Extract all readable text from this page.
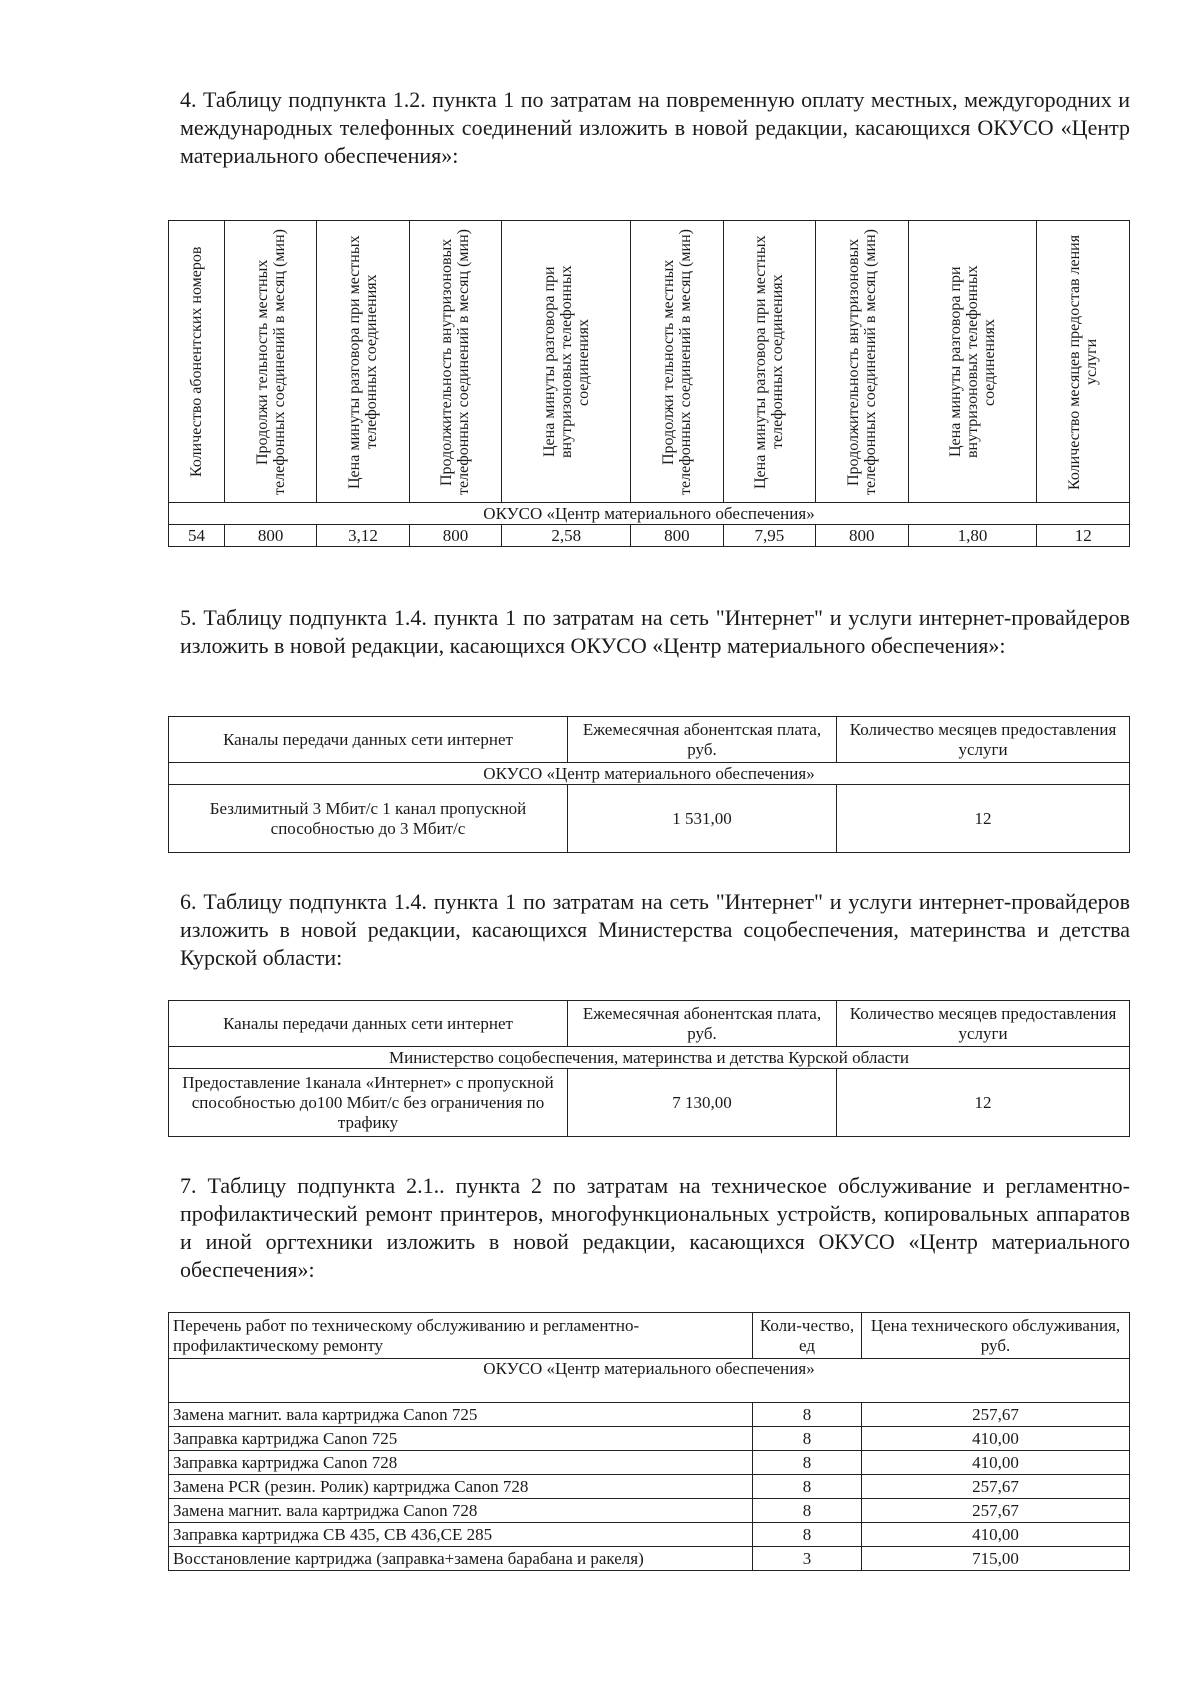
4. Таблицу подпункта 1.2. пункта 1 по затратам на повременную оплату местных, междугородних и международных телефонных соединений изложить в новой редакции, касающихся ОКУСО «Центр материального обеспечения»:

Количество абонентских номеров	Продолжи тельность местных телефонных соединений в месяц (мин)	Цена минуты разговора при местных телефонных соединениях	Продолжительность внутризоновых телефонных соединений в месяц (мин)	Цена минуты разговора при внутризоновых телефонных соединениях	Продолжи тельность местных телефонных соединений в месяц (мин)	Цена минуты разговора при местных телефонных соединениях	Продолжительность внутризоновых телефонных соединений в месяц (мин)	Цена минуты разговора при внутризоновых телефонных соединениях	Количество месяцев предостав ления услуги

ОКУСО «Центр материального обеспечения»									
54	800	3,12	800	2,58	800	7,95	800	1,80	12

5. Таблицу подпункта 1.4. пункта 1 по затратам на сеть "Интернет" и услуги интернет-провайдеров изложить в новой редакции, касающихся ОКУСО «Центр материального обеспечения»:

Каналы передачи данных сети интернет	Ежемесячная абонентская плата, руб.	Количество месяцев предоставления услуги
ОКУСО «Центр материального обеспечения»		
Безлимитный 3 Мбит/с 1 канал пропускной способностью до 3 Мбит/с	1 531,00	12

6. Таблицу подпункта 1.4. пункта 1 по затратам на сеть "Интернет" и услуги интернет-провайдеров изложить в новой редакции, касающихся Министерства соцобеспечения, материнства и детства Курской области:

Каналы передачи данных сети интернет	Ежемесячная абонентская плата, руб.	Количество месяцев предоставления услуги
Министерство соцобеспечения, материнства и детства Курской области		
Предоставление 1канала «Интернет» с пропускной способностью до100 Мбит/с без ограничения по трафику	7 130,00	12

7. Таблицу подпункта 2.1.. пункта 2 по затратам на техническое обслуживание и регламентно-профилактический ремонт принтеров, многофункциональных устройств, копировальных аппаратов и иной оргтехники изложить в новой редакции, касающихся ОКУСО «Центр материального обеспечения»:

Перечень работ по техническому обслуживанию и регламентно-профилактическому ремонту	Коли-чество, ед	Цена технического обслуживания, руб.
ОКУСО «Центр материального обеспечения»		
Замена магнит. вала картриджа Canon 725	8	257,67
Заправка картриджа Canon 725	8	410,00
Заправка картриджа Canon 728	8	410,00
Замена PCR (резин. Ролик) картриджа Canon 728	8	257,67
Замена магнит. вала картриджа Canon 728	8	257,67
Заправка картриджа CB 435, CB 436,CE 285	8	410,00
Восстановление картриджа (заправка+замена барабана и ракеля)	3	715,00
